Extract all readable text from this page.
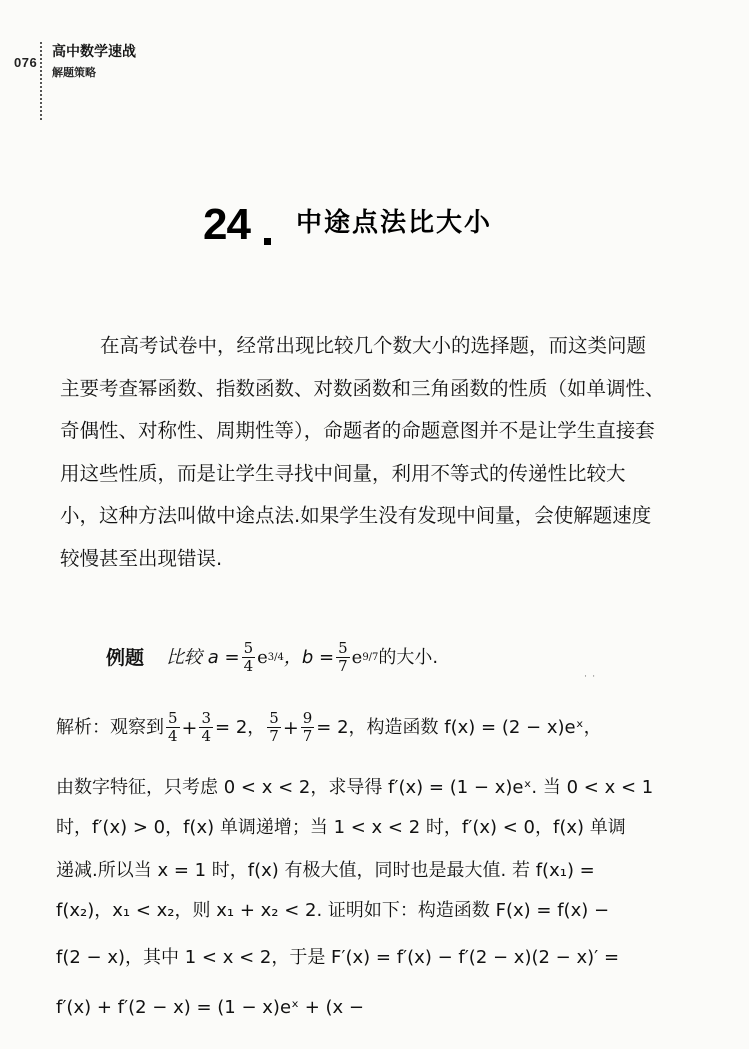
076
高中数学速战
解题策略
24 中途点法比大小
在高考试卷中，经常出现比较几个数大小的选择题，而这类问题
主要考查幂函数、指数函数、对数函数和三角函数的性质（如单调性、
奇偶性、对称性、周期性等），命题者的命题意图并不是让学生直接套
用这些性质，而是让学生寻找中间量，利用不等式的传递性比较大
小，这种方法叫做中途点法.如果学生没有发现中间量，会使解题速度
较慢甚至出现错误.
例题 比较 $a = \frac{5}{4}$ e 3/4 ，$b = \frac{5}{7}$ e 9/7 的大小.
˙ ˙
解析：观察到 $\frac{5}{4} + \frac{3}{4} = 2$， $\frac{5}{7} + \frac{9}{7} = 2$，构造函数 f(x) = (2 − x)eˣ，
由数字特征，只考虑 0 < x < 2，求导得 f′(x) = (1 − x)eˣ. 当 0 < x < 1
时，f′(x) > 0，f(x) 单调递增；当 1 < x < 2 时，f′(x) < 0，f(x) 单调
递减.所以当 x = 1 时，f(x) 有极大值，同时也是最大值. 若 f(x₁) =
f(x₂)，x₁ < x₂，则 x₁ + x₂ < 2. 证明如下：构造函数 F(x) = f(x) −
f(2 − x)，其中 1 < x < 2，于是 F′(x) = f′(x) − f′(2 − x)(2 − x)′ =
f′(x) + f′(2 − x) = (1 − x)eˣ + (x −
